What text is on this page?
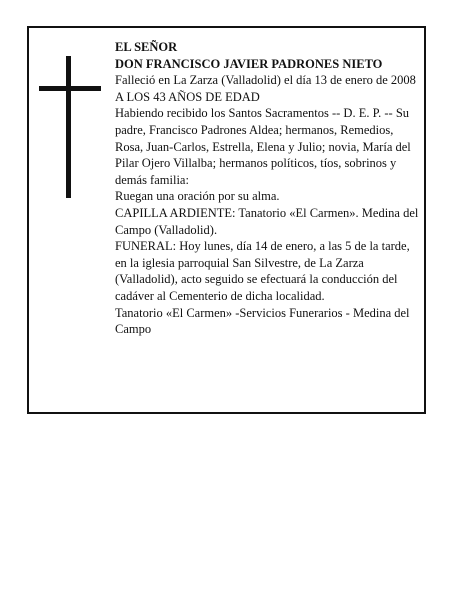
EL SEÑOR

DON FRANCISCO JAVIER PADRONES NIETO

Falleció en La Zarza (Valladolid) el día 13 de enero de 2008

A LOS 43 AÑOS DE EDAD

Habiendo recibido los Santos Sacramentos -- D. E. P. -- Su padre, Francisco Padrones Aldea; hermanos, Remedios, Rosa, Juan-Carlos, Estrella, Elena y Julio; novia, María del Pilar Ojero Villalba; hermanos políticos, tíos, sobrinos y demás familia:

Ruegan una oración por su alma.

CAPILLA ARDIENTE: Tanatorio «El Carmen». Medina del Campo (Valladolid).

FUNERAL: Hoy lunes, día 14 de enero, a las 5 de la tarde, en la iglesia parroquial San Silvestre, de La Zarza (Valladolid), acto seguido se efectuará la conducción del cadáver al Cementerio de dicha localidad.

Tanatorio «El Carmen» -Servicios Funerarios - Medina del Campo
